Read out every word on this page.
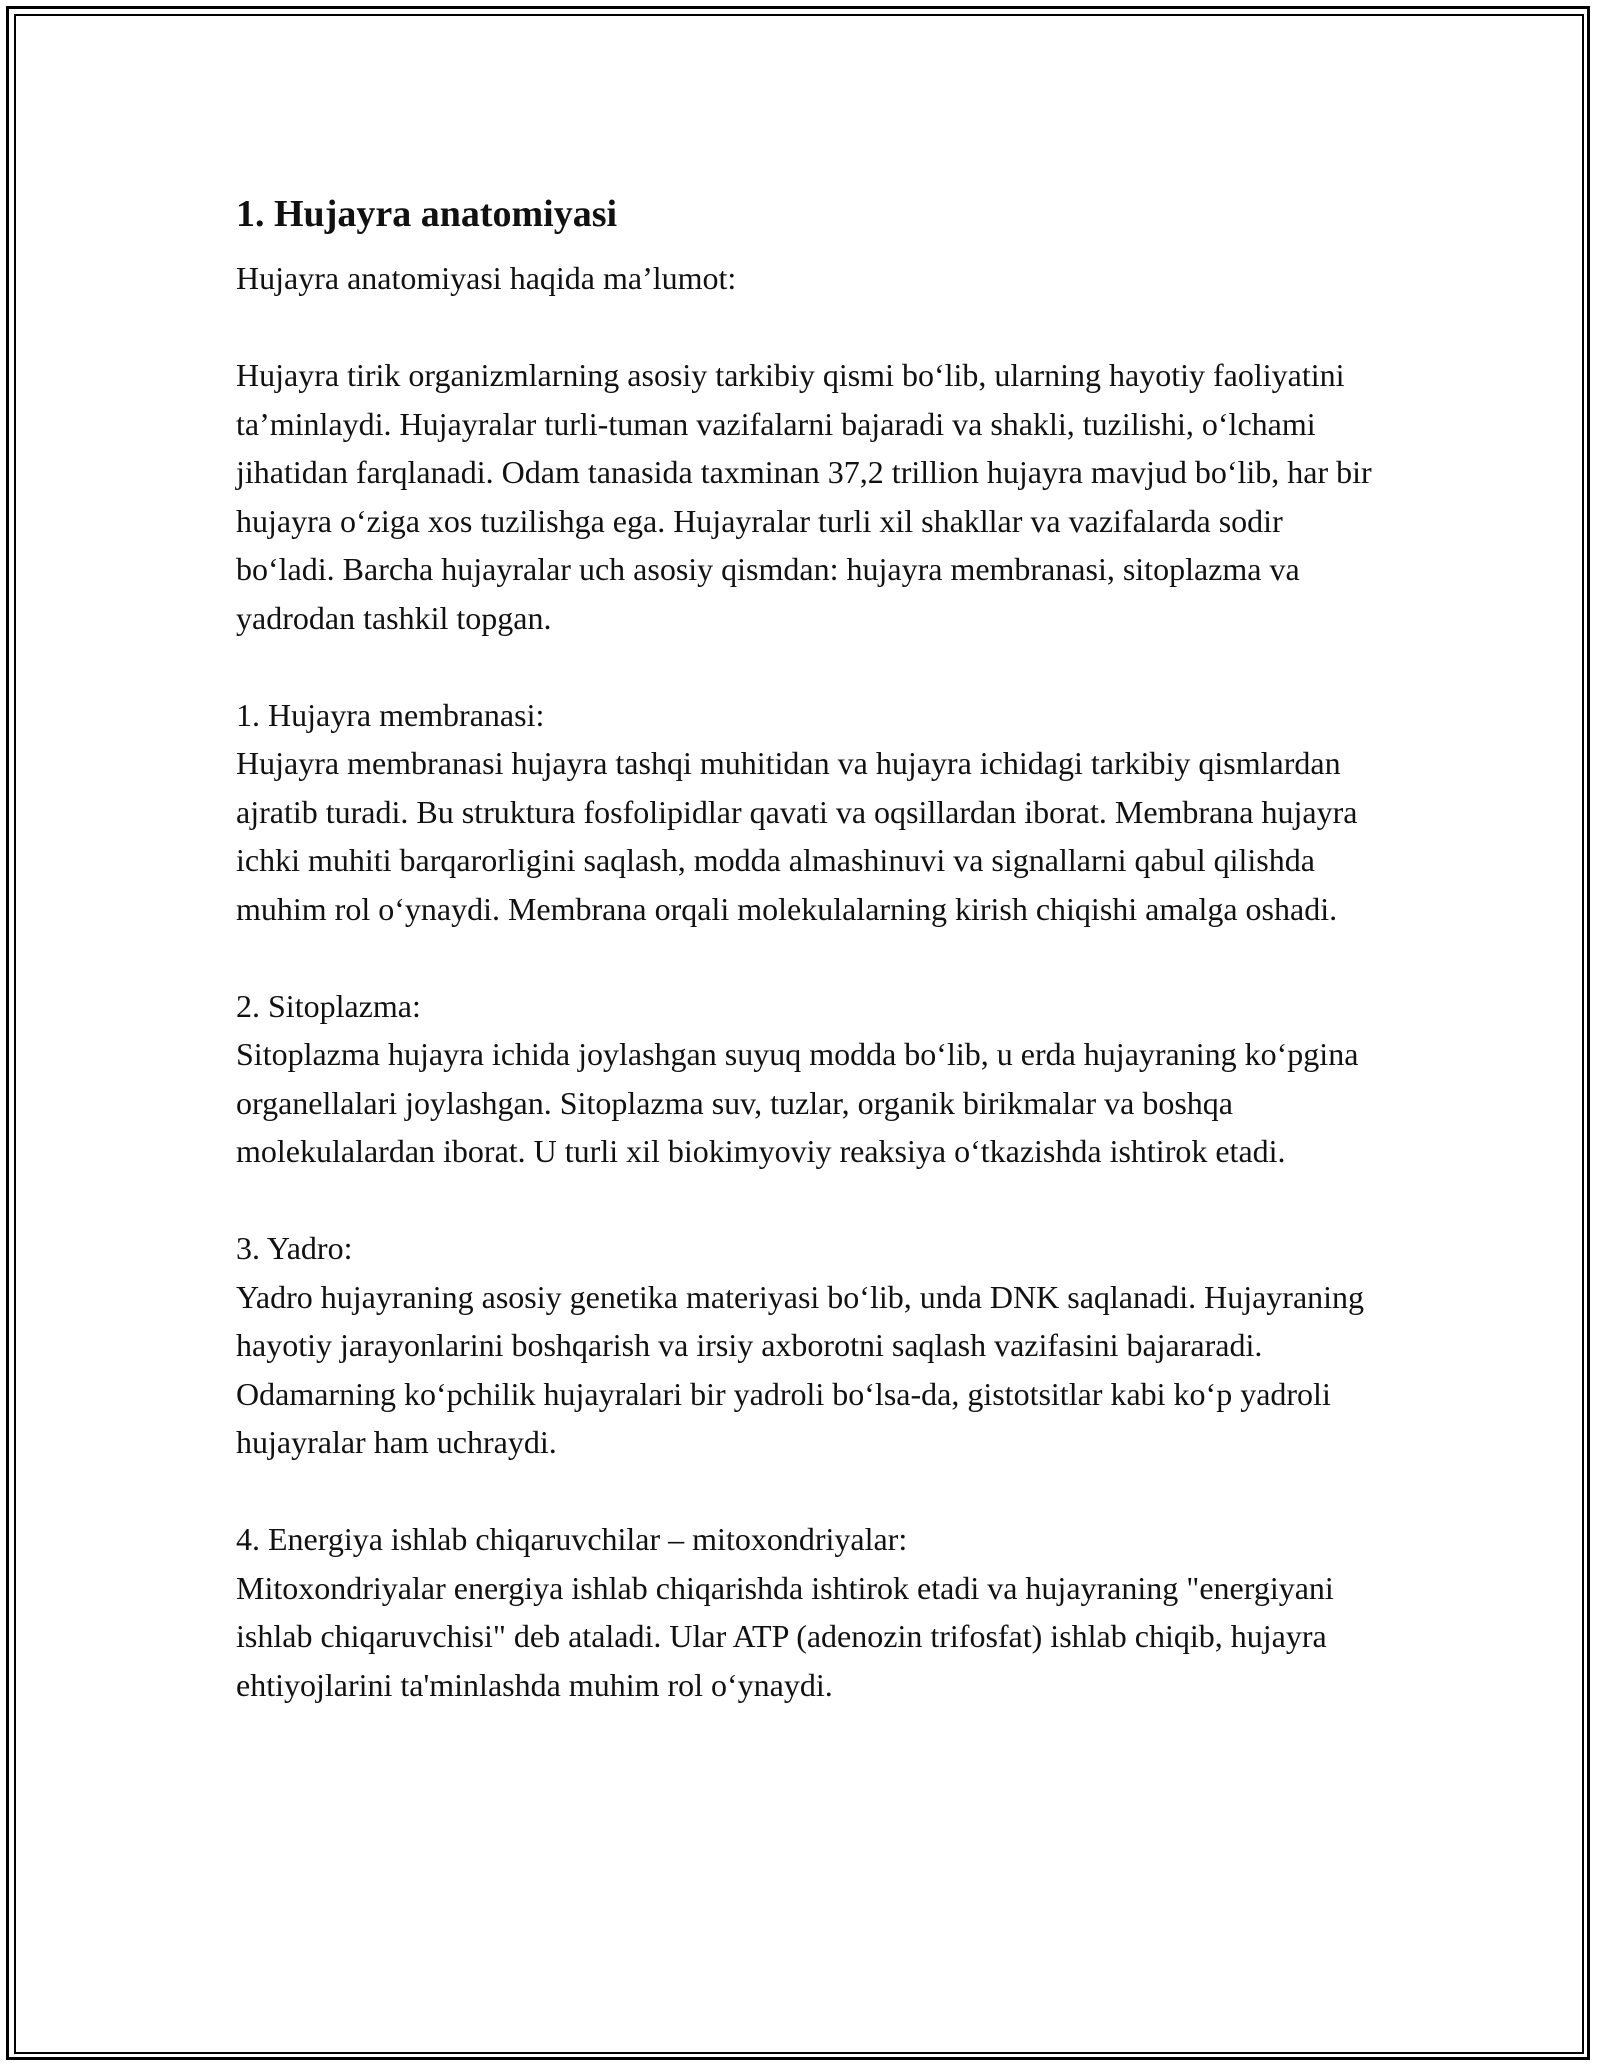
1. Hujayra anatomiyasi

Hujayra anatomiyasi haqida ma’lumot:

Hujayra tirik organizmlarning asosiy tarkibiy qismi bo‘lib, ularning hayotiy faoliyatini ta’minlaydi. Hujayralar turli-tuman vazifalarni bajaradi va shakli, tuzilishi, o‘lchami jihatidan farqlanadi. Odam tanasida taxminan 37,2 trillion hujayra mavjud bo‘lib, har bir hujayra o‘ziga xos tuzilishga ega. Hujayralar turli xil shakllar va vazifalarda sodir bo‘ladi. Barcha hujayralar uch asosiy qismdan: hujayra membranasi, sitoplazma va yadrodan tashkil topgan.

1. Hujayra membranasi:

Hujayra membranasi hujayra tashqi muhitidan va hujayra ichidagi tarkibiy qismlardan ajratib turadi. Bu struktura fosfolipidlar qavati va oqsillardan iborat. Membrana hujayra ichki muhiti barqarorligini saqlash, modda almashinuvi va signallarni qabul qilishda muhim rol o‘ynaydi. Membrana orqali molekulalarning kirish chiqishi amalga oshadi.

2. Sitoplazma:

Sitoplazma hujayra ichida joylashgan suyuq modda bo‘lib, u erda hujayraning ko‘pgina organellalari joylashgan. Sitoplazma suv, tuzlar, organik birikmalar va boshqa molekulalardan iborat. U turli xil biokimyoviy reaksiya o‘tkazishda ishtirok etadi.

3. Yadro:

Yadro hujayraning asosiy genetika materiyasi bo‘lib, unda DNK saqlanadi. Hujayraning hayotiy jarayonlarini boshqarish va irsiy axborotni saqlash vazifasini bajararadi. Odamarning ko‘pchilik hujayralari bir yadroli bo‘lsa-da, gistotsitlar kabi ko‘p yadroli hujayralar ham uchraydi.

4. Energiya ishlab chiqaruvchilar – mitoxondriyalar:

Mitoxondriyalar energiya ishlab chiqarishda ishtirok etadi va hujayraning "energiyani ishlab chiqaruvchisi" deb ataladi. Ular ATP (adenozin trifosfat) ishlab chiqib, hujayra ehtiyojlarini ta'minlashda muhim rol o‘ynaydi.
